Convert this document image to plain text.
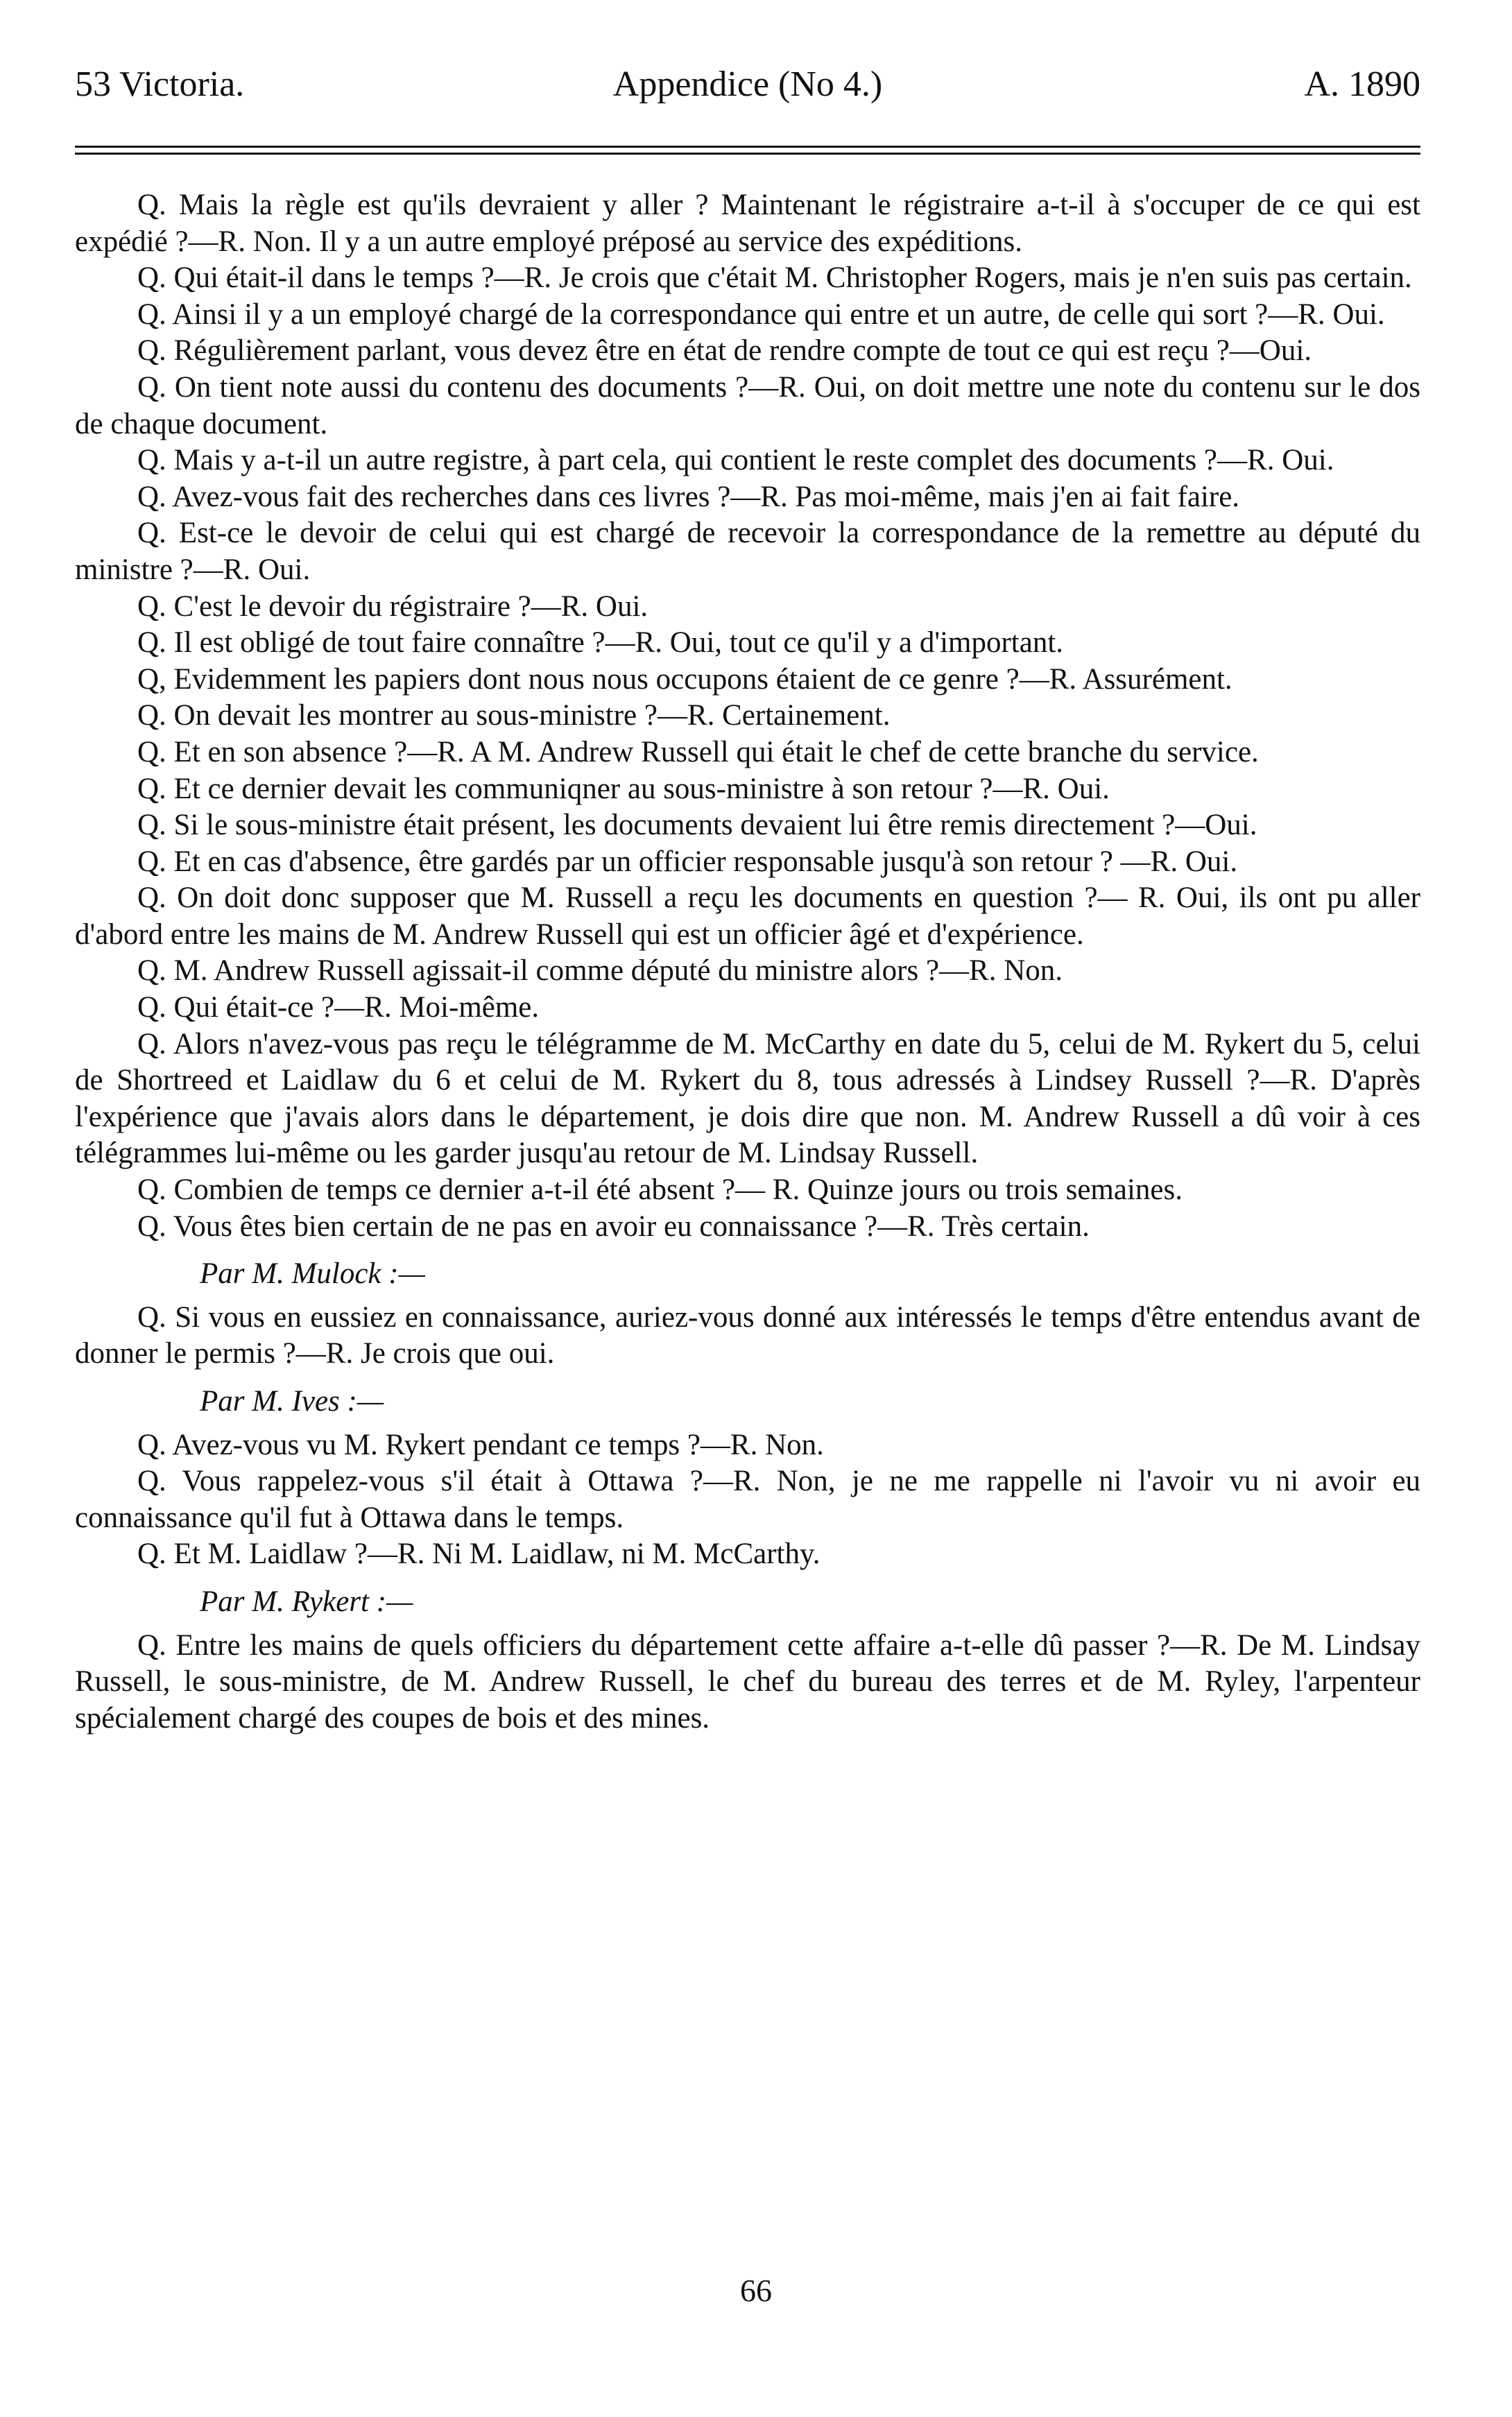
53 Victoria.	Appendice (No 4.)	A. 1890

Q. Mais la règle est qu'ils devraient y aller ? Maintenant le régistraire a-t-il à s'occuper de ce qui est expédié ?—R. Non. Il y a un autre employé préposé au service des expéditions.

Q. Qui était-il dans le temps ?—R. Je crois que c'était M. Christopher Rogers, mais je n'en suis pas certain.

Q. Ainsi il y a un employé chargé de la correspondance qui entre et un autre, de celle qui sort ?—R. Oui.

Q. Régulièrement parlant, vous devez être en état de rendre compte de tout ce qui est reçu ?—Oui.

Q. On tient note aussi du contenu des documents ?—R. Oui, on doit mettre une note du contenu sur le dos de chaque document.

Q. Mais y a-t-il un autre registre, à part cela, qui contient le reste complet des documents ?—R. Oui.

Q. Avez-vous fait des recherches dans ces livres ?—R. Pas moi-même, mais j'en ai fait faire.

Q. Est-ce le devoir de celui qui est chargé de recevoir la correspondance de la remettre au député du ministre ?—R. Oui.

Q. C'est le devoir du régistraire ?—R. Oui.

Q. Il est obligé de tout faire connaître ?—R. Oui, tout ce qu'il y a d'important.

Q, Evidemment les papiers dont nous nous occupons étaient de ce genre ?—R. Assurément.

Q. On devait les montrer au sous-ministre ?—R. Certainement.

Q. Et en son absence ?—R. A M. Andrew Russell qui était le chef de cette branche du service.

Q. Et ce dernier devait les communiqner au sous-ministre à son retour ?—R. Oui.

Q. Si le sous-ministre était présent, les documents devaient lui être remis directement ?—Oui.

Q. Et en cas d'absence, être gardés par un officier responsable jusqu'à son retour ? —R. Oui.

Q. On doit donc supposer que M. Russell a reçu les documents en question ?— R. Oui, ils ont pu aller d'abord entre les mains de M. Andrew Russell qui est un officier âgé et d'expérience.

Q. M. Andrew Russell agissait-il comme député du ministre alors ?—R. Non.

Q. Qui était-ce ?—R. Moi-même.

Q. Alors n'avez-vous pas reçu le télégramme de M. McCarthy en date du 5, celui de M. Rykert du 5, celui de Shortreed et Laidlaw du 6 et celui de M. Rykert du 8, tous adressés à Lindsey Russell ?—R. D'après l'expérience que j'avais alors dans le département, je dois dire que non. M. Andrew Russell a dû voir à ces télégrammes lui-même ou les garder jusqu'au retour de M. Lindsay Russell.

Q. Combien de temps ce dernier a-t-il été absent ?— R. Quinze jours ou trois semaines.

Q. Vous êtes bien certain de ne pas en avoir eu connaissance ?—R. Très certain.

Par M. Mulock :—

Q. Si vous en eussiez en connaissance, auriez-vous donné aux intéressés le temps d'être entendus avant de donner le permis ?—R. Je crois que oui.

Par M. Ives :—

Q. Avez-vous vu M. Rykert pendant ce temps ?—R. Non.

Q. Vous rappelez-vous s'il était à Ottawa ?—R. Non, je ne me rappelle ni l'avoir vu ni avoir eu connaissance qu'il fut à Ottawa dans le temps.

Q. Et M. Laidlaw ?—R. Ni M. Laidlaw, ni M. McCarthy.

Par M. Rykert :—

Q. Entre les mains de quels officiers du département cette affaire a-t-elle dû passer ?—R. De M. Lindsay Russell, le sous-ministre, de M. Andrew Russell, le chef du bureau des terres et de M. Ryley, l'arpenteur spécialement chargé des coupes de bois et des mines.

66
